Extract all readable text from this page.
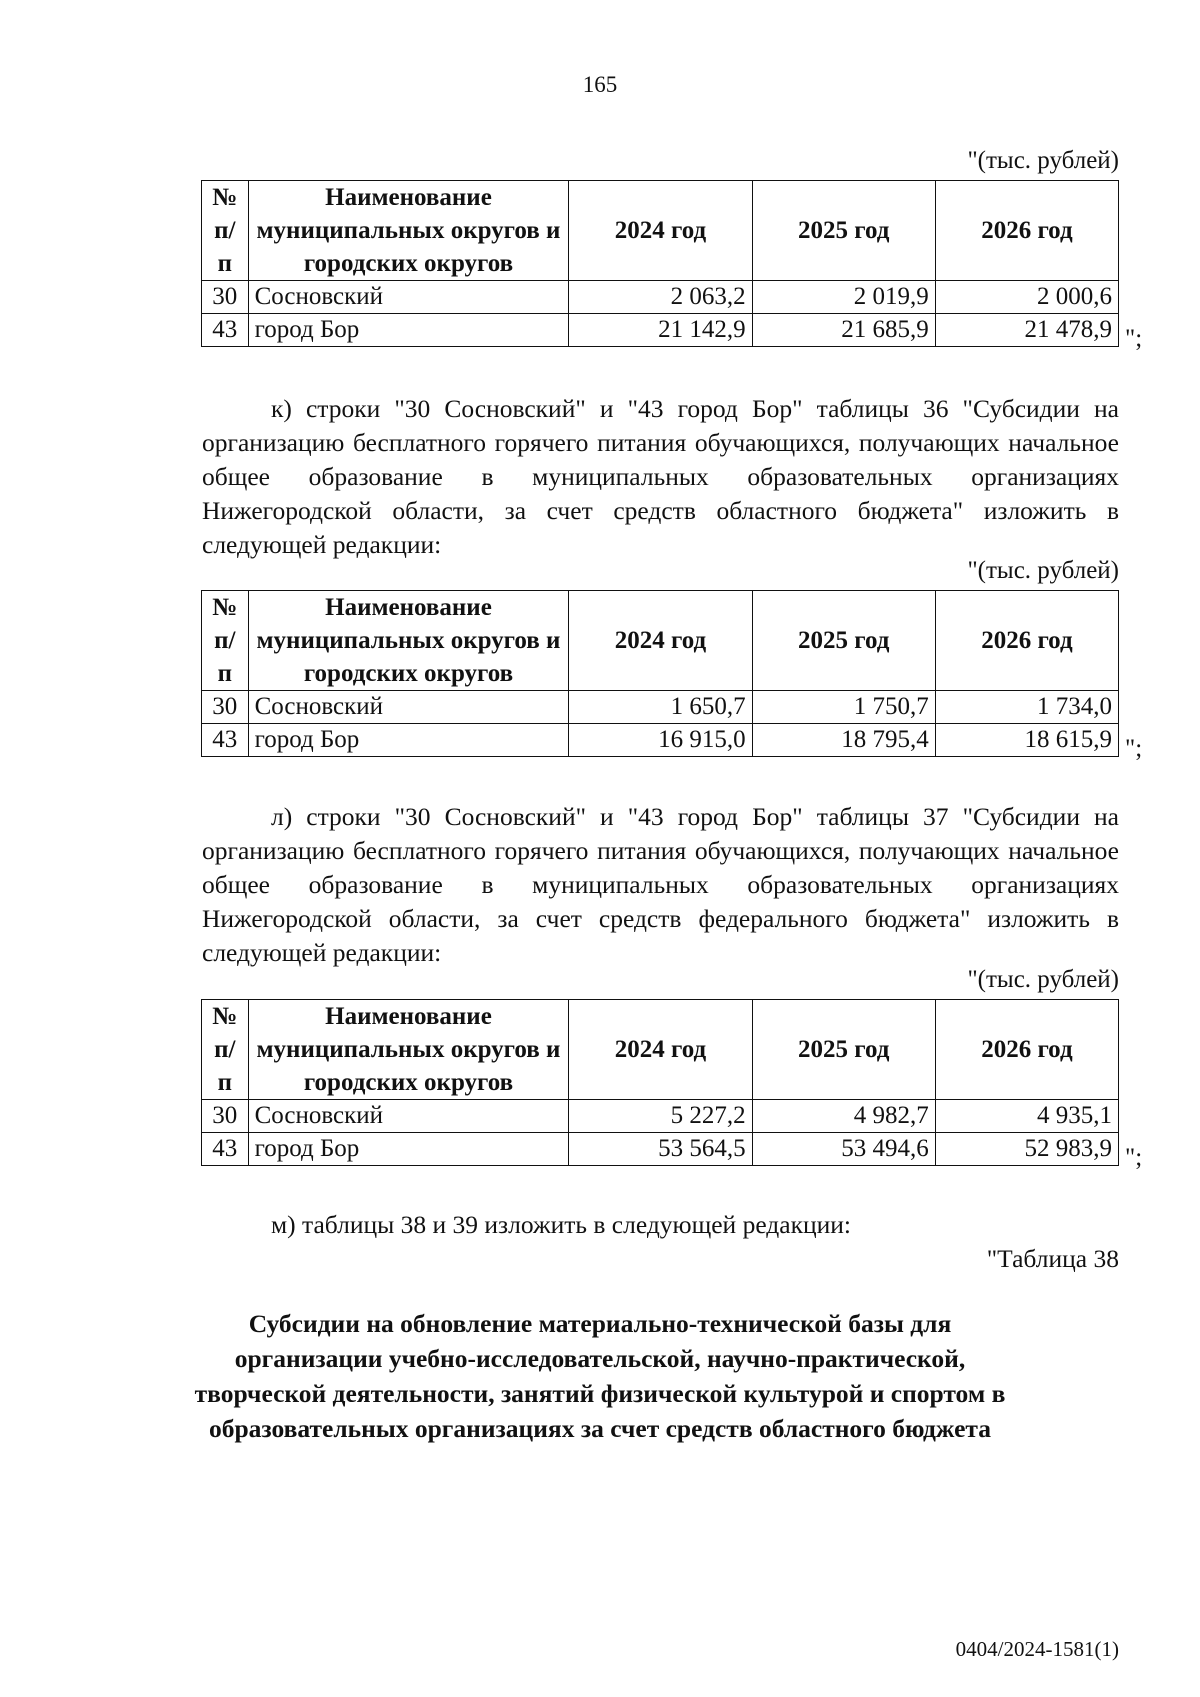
165
"(тыс. рублей)
№ п/п	Наименование муниципальных округов и городских округов	2024 год	2025 год	2026 год
30	Сосновский	2 063,2	2 019,9	2 000,6
43	город Бор	21 142,9	21 685,9	21 478,9 ";
к) строки "30 Сосновский" и "43 город Бор" таблицы 36 "Субсидии на организацию бесплатного горячего питания обучающихся, получающих начальное общее образование в муниципальных образовательных организациях Нижегородской области, за счет средств областного бюджета" изложить в следующей редакции:
"(тыс. рублей)
№ п/п	Наименование муниципальных округов и городских округов	2024 год	2025 год	2026 год
30	Сосновский	1 650,7	1 750,7	1 734,0
43	город Бор	16 915,0	18 795,4	18 615,9 ";
л) строки "30 Сосновский" и "43 город Бор" таблицы 37 "Субсидии на организацию бесплатного горячего питания обучающихся, получающих начальное общее образование в муниципальных образовательных организациях Нижегородской области, за счет средств федерального бюджета" изложить в следующей редакции:
"(тыс. рублей)
№ п/п	Наименование муниципальных округов и городских округов	2024 год	2025 год	2026 год
30	Сосновский	5 227,2	4 982,7	4 935,1
43	город Бор	53 564,5	53 494,6	52 983,9 ";
м) таблицы 38 и 39 изложить в следующей редакции:
"Таблица 38
Субсидии на обновление материально-технической базы для организации учебно-исследовательской, научно-практической, творческой деятельности, занятий физической культурой и спортом в образовательных организациях за счет средств областного бюджета
0404/2024-1581(1)
